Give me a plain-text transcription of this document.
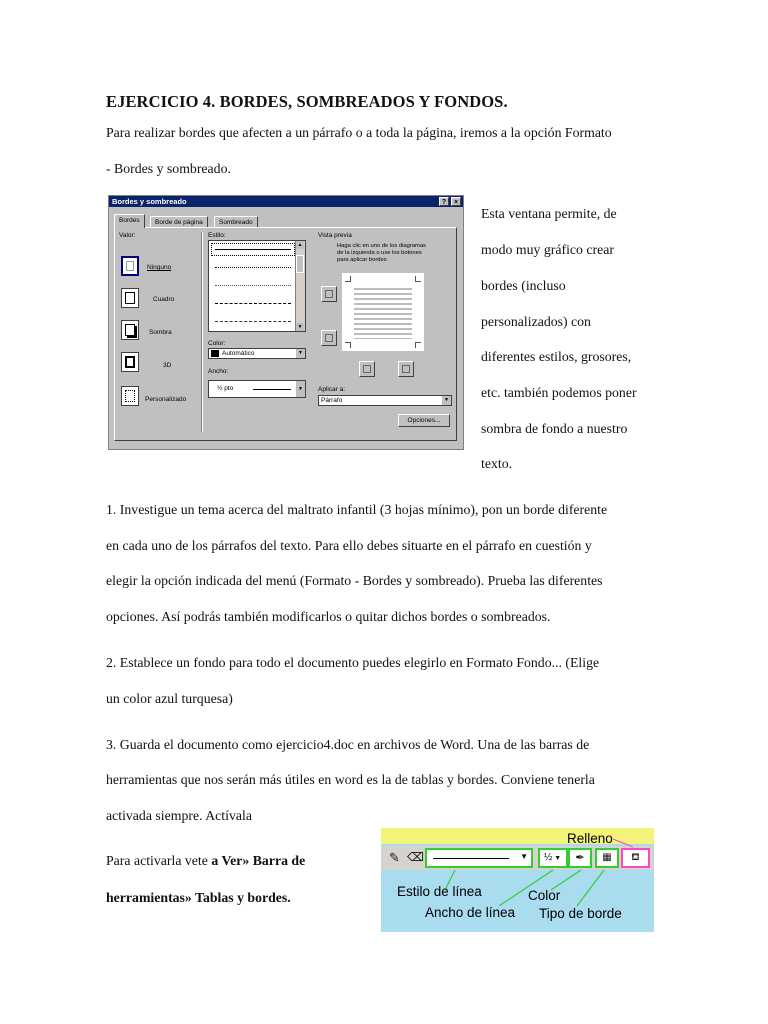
EJERCICIO 4. BORDES, SOMBREADOS Y FONDOS.
Para realizar bordes que afecten a un párrafo o a toda la página, iremos a la opción Formato
- Bordes y sombreado.
Bordes y sombreado	?	×
Bordes	Borde de página	Sombreado
Valor:
Ninguno
Cuadro
Sombra
3D
Personalizado
Estilo:
▲
▼
Color:
Automático	▼
Ancho:
½ pto	▼
Vista previa
Haga clic en uno de los diagramas
de la izquierda o use los botones
para aplicar bordes
Aplicar a:
Párrafo	▼
Opciones...
Esta ventana permite, de
modo muy gráfico crear
bordes (incluso
personalizados) con
diferentes estilos, grosores,
etc. también podemos poner
sombra de fondo a nuestro
texto.
1. Investigue un tema acerca del maltrato infantil (3 hojas mínimo), pon un borde diferente
en cada uno de los párrafos del texto. Para ello debes situarte en el párrafo en cuestión y
elegir la opción indicada del menú (Formato - Bordes y sombreado). Prueba las diferentes
opciones. Así podrás también modificarlos o quitar dichos bordes o sombreados.
2. Establece un fondo para todo el documento puedes elegirlo en Formato Fondo... (Elige
un color azul turquesa)
3. Guarda el documento como ejercicio4.doc en archivos de Word. Una de las barras de
herramientas que nos serán más útiles en word es la de tablas y bordes. Conviene tenerla
activada siempre. Actívala
Para activarla vete a Ver» Barra de
herramientas» Tablas y bordes.
Relleno
✎ ⌫	▼	½ ▼	✒	▦	⛾
Estilo de línea	Color
Ancho de línea Tipo de borde
